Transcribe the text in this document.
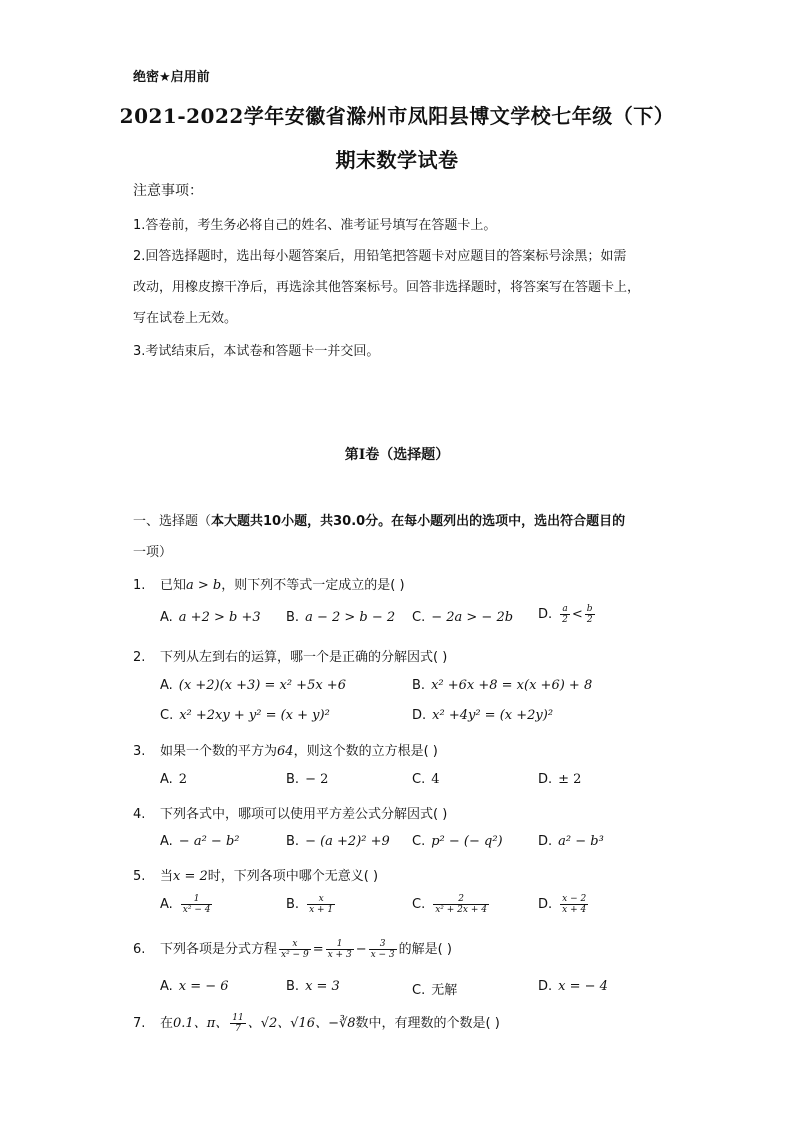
绝密★启用前
2021-2022学年安徽省滁州市凤阳县博文学校七年级（下）
期末数学试卷
注意事项：
1.答卷前，考生务必将自己的姓名、准考证号填写在答题卡上。
2.回答选择题时，选出每小题答案后，用铅笔把答题卡对应题目的答案标号涂黑；如需
改动，用橡皮擦干净后，再选涂其他答案标号。回答非选择题时，将答案写在答题卡上，
写在试卷上无效。
3.考试结束后，本试卷和答题卡一并交回。
第I卷（选择题）
一、选择题（本大题共10小题，共30.0分。在每小题列出的选项中，选出符合题目的
一项）
1. 已知a > b，则下列不等式一定成立的是( )
A. a +2 > b +3 B. a − 2 > b − 2 C. − 2a > − 2b D. $\frac{a}{2} < \frac{b}{2}$
2. 下列从左到右的运算，哪一个是正确的分解因式( )
A. (x +2)(x +3) = x² +5x +6	B. x² +6x +8 = x(x +6) + 8
C. x² +2xy + y² = (x + y)²	D. x² +4y² = (x +2y)²
3. 如果一个数的平方为64，则这个数的立方根是( )
A. 2	B. − 2	C. 4	D. ± 2
4. 下列各式中，哪项可以使用平方差公式分解因式( )
A. − a² − b²	B. − (a +2)² +9 C. p² − (− q²)	D. a² − b³
5. 当x = 2时，下列各项中哪个无意义( )
A. $\frac{1}{\text{x² − 4}}$	B. $\frac{x}{x + 1}$	C. $\frac{2}{\text{x² + 2x + 4}}$	D. $\frac{x - 2}{x + 4}$
6. 下列各项是分式方程 $\frac{x}{\text{x² − 9}} = \frac{1}{x + 3} - \frac{3}{x - 3}$ 的解是( )
A. x = − 6	B. x = 3	C. 无解	D. x = − 4
7. 在0.1、π、 $\frac{11}{7}$ 、√2、√16、−∛8数中，有理数的个数是( )
